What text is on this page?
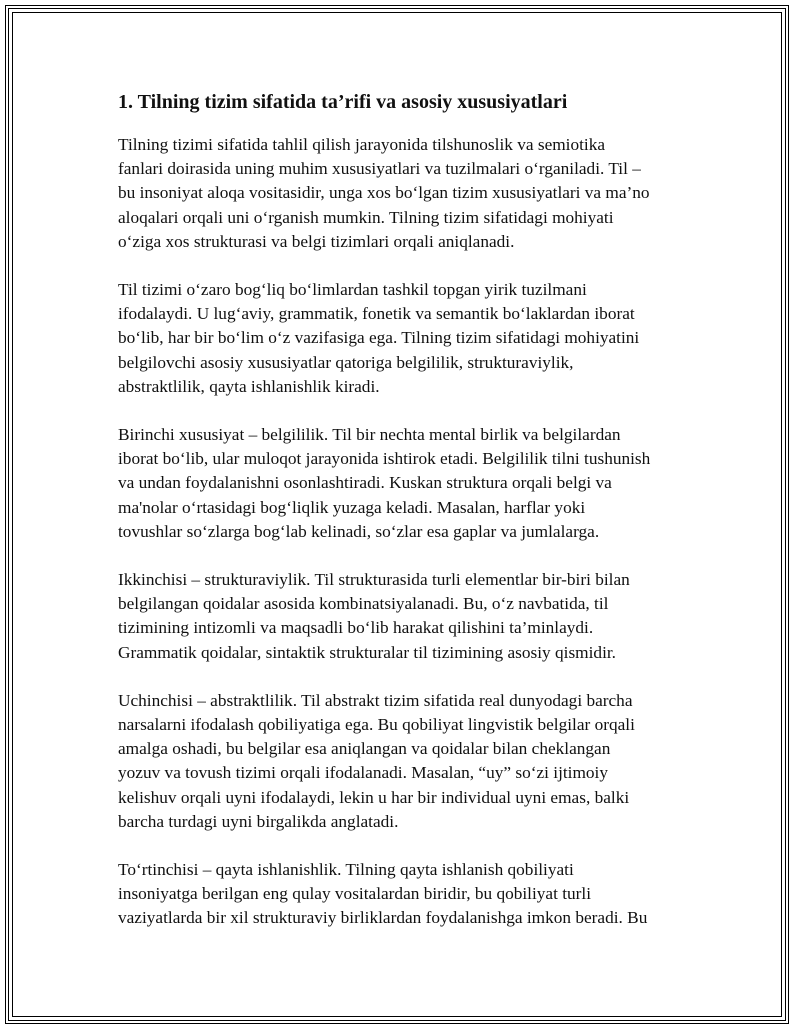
1. Tilning tizim sifatida ta’rifi va asosiy xususiyatlari

Tilning tizimi sifatida tahlil qilish jarayonida tilshunoslik va semiotika
fanlari doirasida uning muhim xususiyatlari va tuzilmalari o‘rganiladi. Til –
bu insoniyat aloqa vositasidir, unga xos bo‘lgan tizim xususiyatlari va ma’no
aloqalari orqali uni o‘rganish mumkin. Tilning tizim sifatidagi mohiyati
o‘ziga xos strukturasi va belgi tizimlari orqali aniqlanadi.

Til tizimi o‘zaro bog‘liq bo‘limlardan tashkil topgan yirik tuzilmani
ifodalaydi. U lug‘aviy, grammatik, fonetik va semantik bo‘laklardan iborat
bo‘lib, har bir bo‘lim o‘z vazifasiga ega. Tilning tizim sifatidagi mohiyatini
belgilovchi asosiy xususiyatlar qatoriga belgililik, strukturaviylik,
abstraktlilik, qayta ishlanishlik kiradi.

Birinchi xususiyat – belgililik. Til bir nechta mental birlik va belgilardan
iborat bo‘lib, ular muloqot jarayonida ishtirok etadi. Belgililik tilni tushunish
va undan foydalanishni osonlashtiradi. Kuskan struktura orqali belgi va
ma'nolar o‘rtasidagi bog‘liqlik yuzaga keladi. Masalan, harflar yoki
tovushlar so‘zlarga bog‘lab kelinadi, so‘zlar esa gaplar va jumlalarga.

Ikkinchisi – strukturaviylik. Til strukturasida turli elementlar bir-biri bilan
belgilangan qoidalar asosida kombinatsiyalanadi. Bu, o‘z navbatida, til
tizimining intizomli va maqsadli bo‘lib harakat qilishini ta’minlaydi.
Grammatik qoidalar, sintaktik strukturalar til tizimining asosiy qismidir.

Uchinchisi – abstraktlilik. Til abstrakt tizim sifatida real dunyodagi barcha
narsalarni ifodalash qobiliyatiga ega. Bu qobiliyat lingvistik belgilar orqali
amalga oshadi, bu belgilar esa aniqlangan va qoidalar bilan cheklangan
yozuv va tovush tizimi orqali ifodalanadi. Masalan, “uy” so‘zi ijtimoiy
kelishuv orqali uyni ifodalaydi, lekin u har bir individual uyni emas, balki
barcha turdagi uyni birgalikda anglatadi.

To‘rtinchisi – qayta ishlanishlik. Tilning qayta ishlanish qobiliyati
insoniyatga berilgan eng qulay vositalardan biridir, bu qobiliyat turli
vaziyatlarda bir xil strukturaviy birliklardan foydalanishga imkon beradi. Bu
